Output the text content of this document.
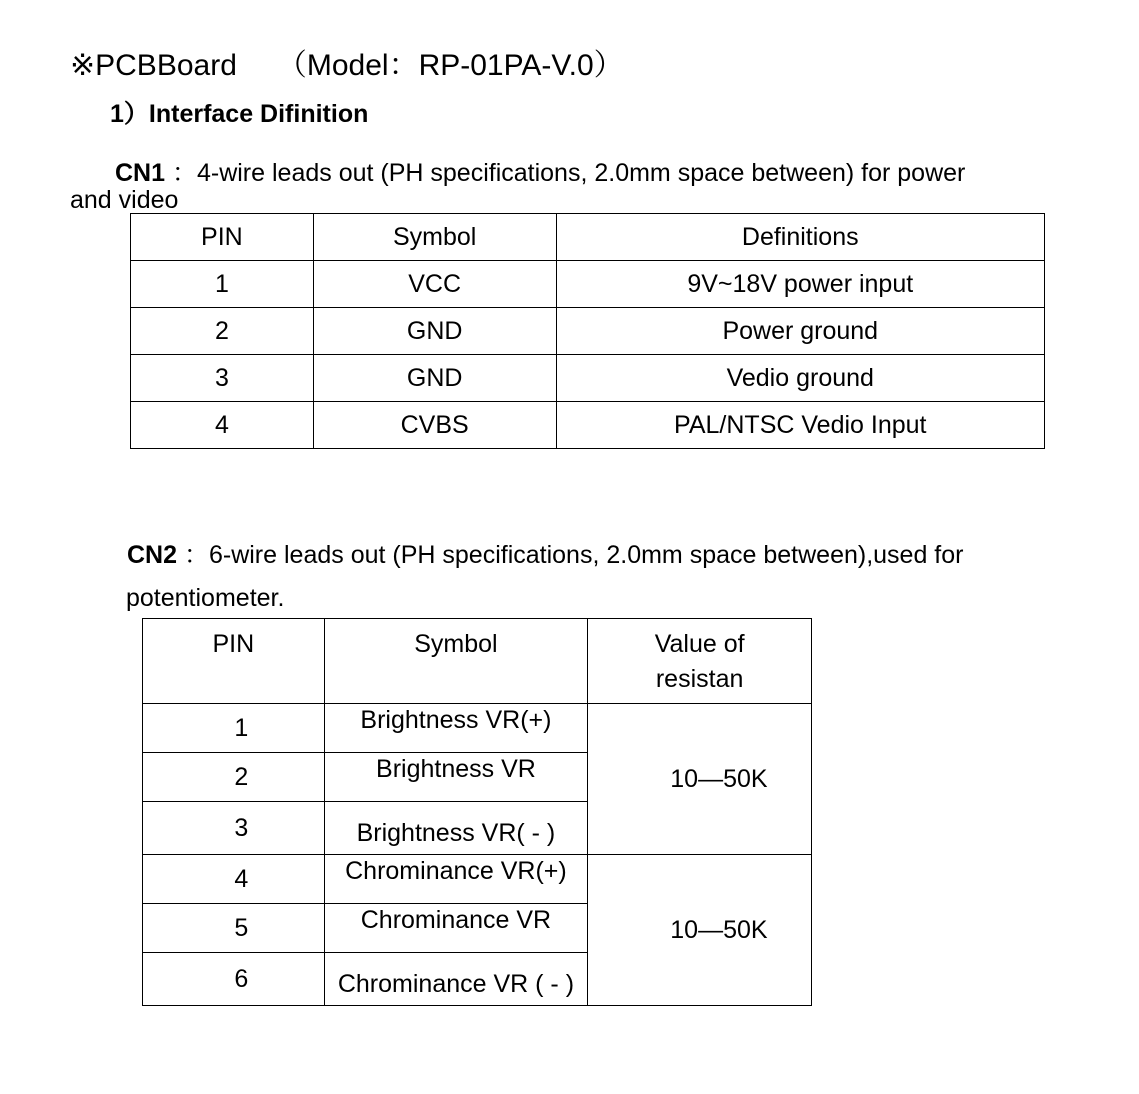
※PCBBoard （Model：RP-01PA-V.0）
1）Interface Difinition
CN1 ：4-wire leads out (PH specifications, 2.0mm space between) for power
and video
PIN	Symbol	Definitions
1	VCC	9V~18V power input
2	GND	Power ground
3	GND	Vedio ground
4	CVBS	PAL/NTSC Vedio Input
CN2 ：6-wire leads out (PH specifications, 2.0mm space between),used for
potentiometer.
PIN	Symbol	Value of
resistan

1	Brightness VR(+)	10—50K
2	Brightness VR	
3	Brightness VR( - )	
4	Chrominance VR(+)	10—50K
5	Chrominance VR	
6	Chrominance VR ( - )	
